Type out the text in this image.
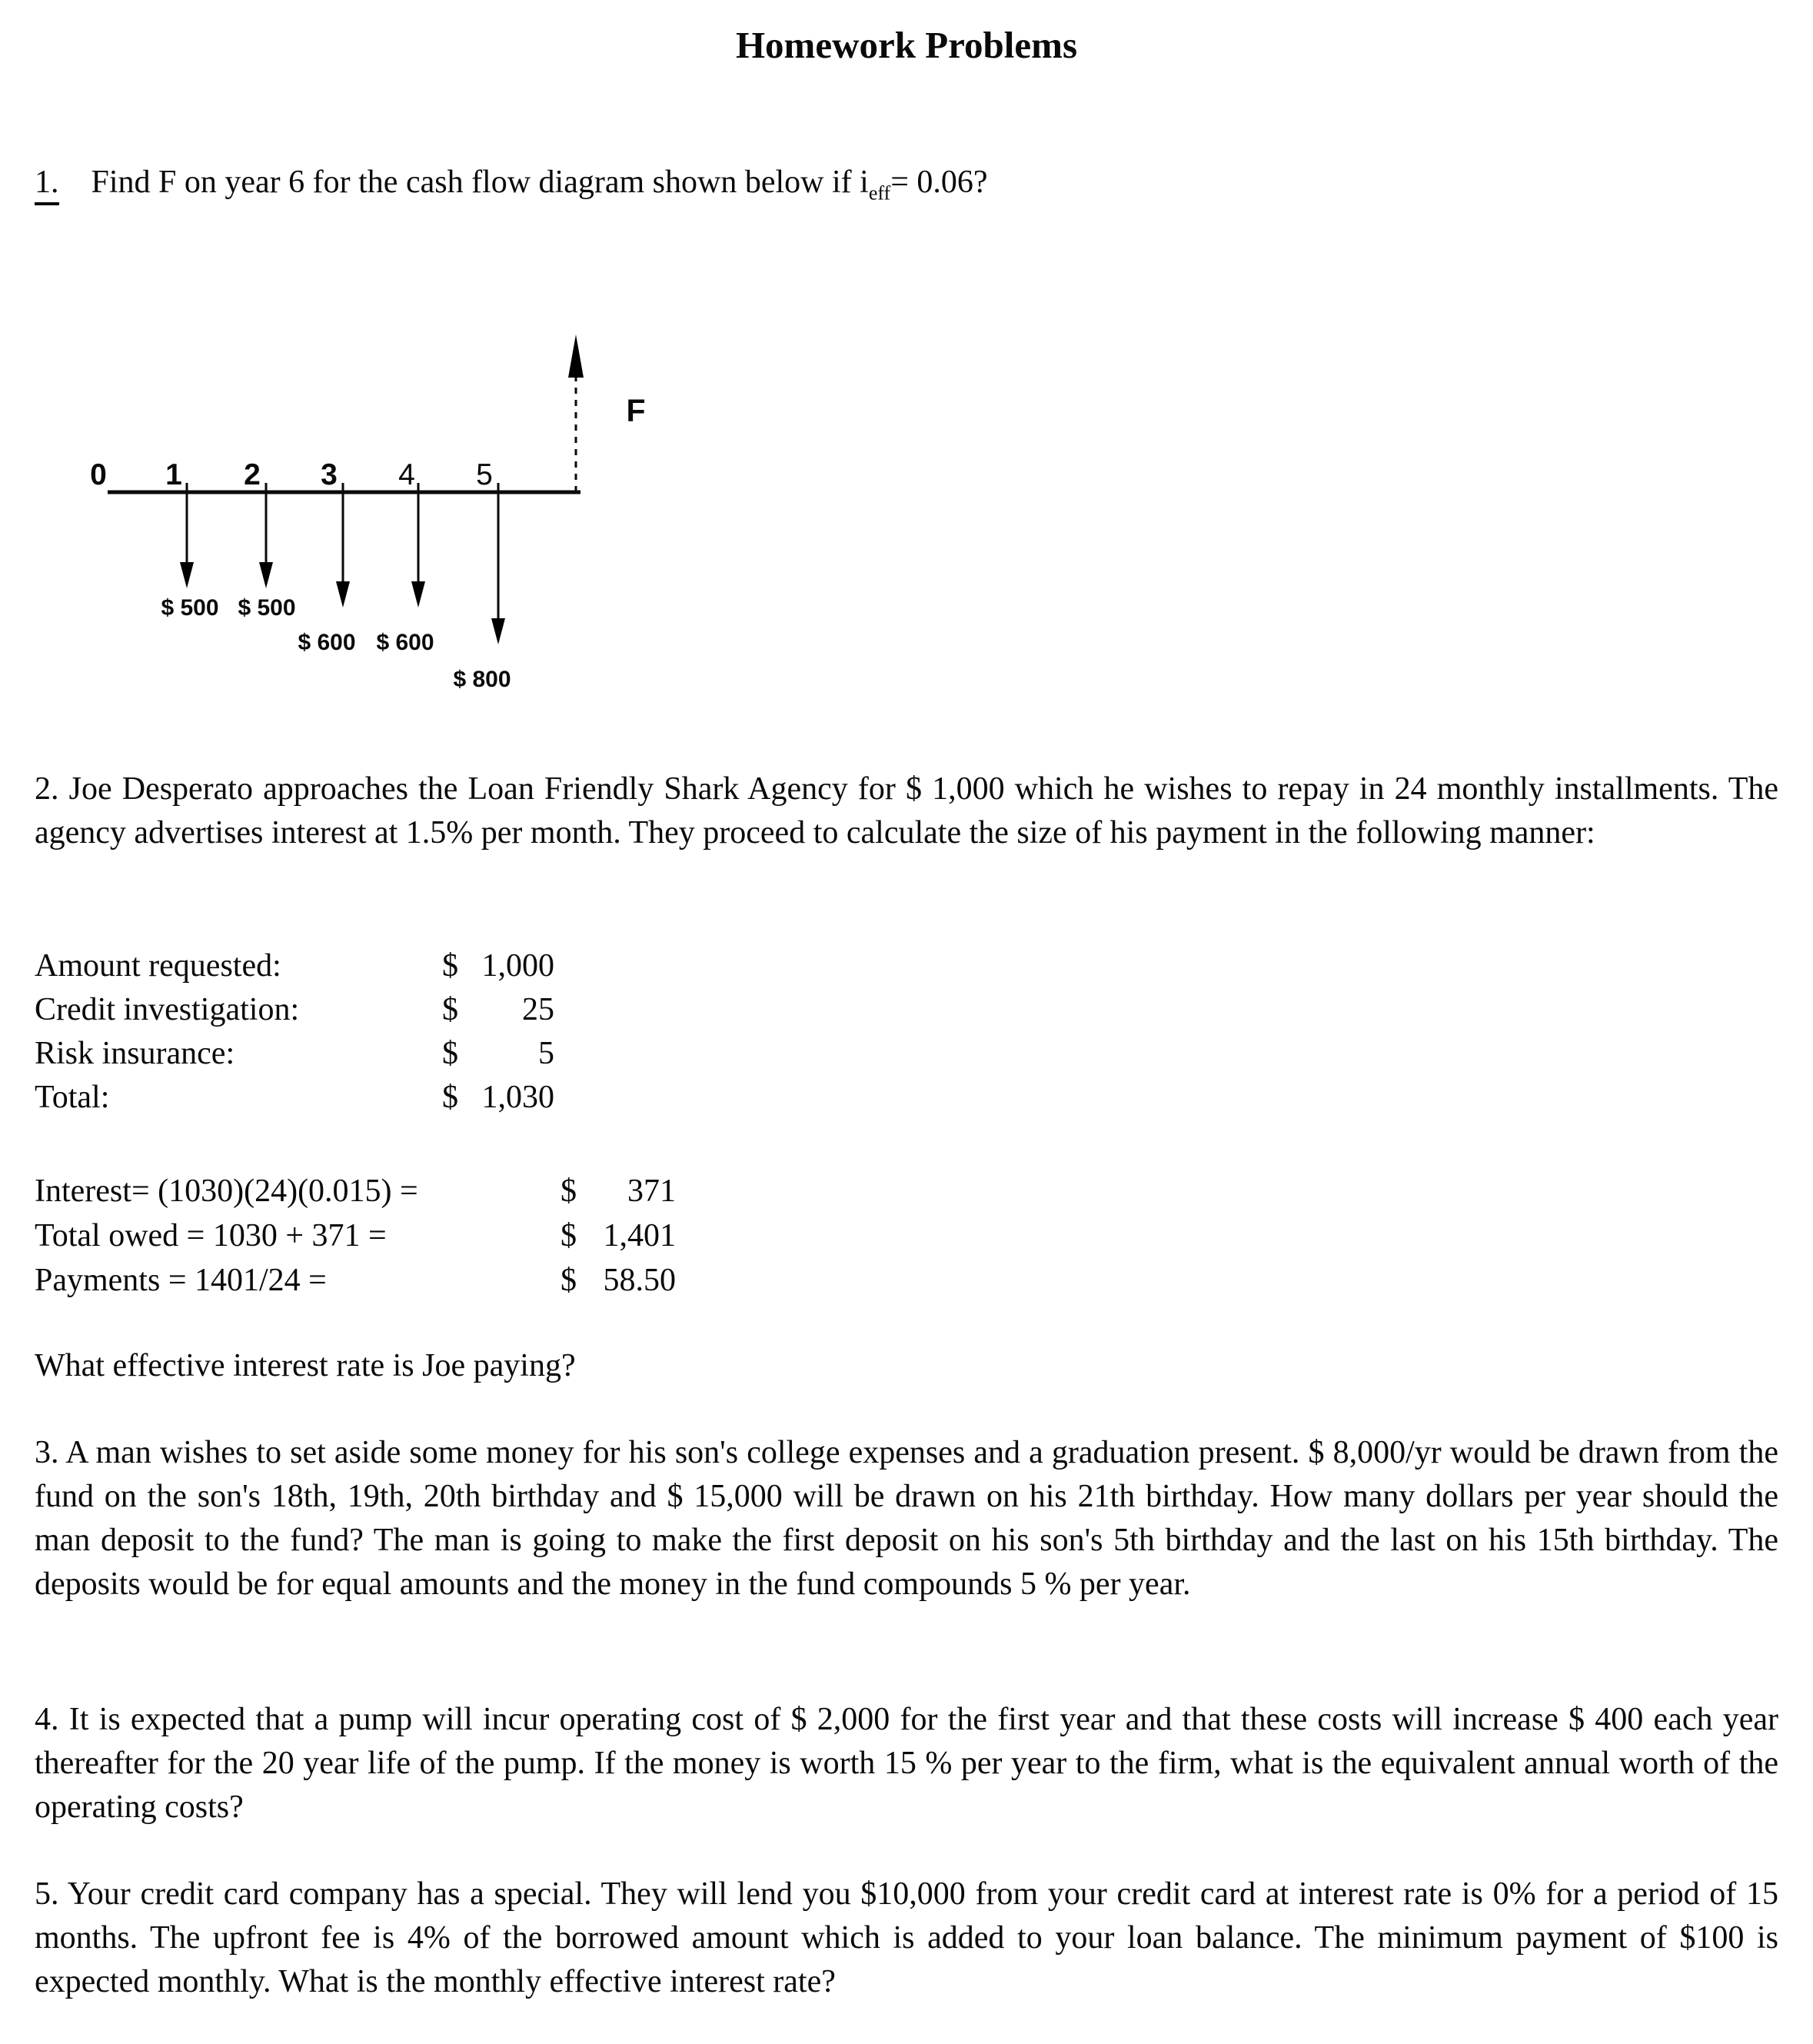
Homework Problems
1. Find F on year 6 for the cash flow diagram shown below if $i_{eff}= 0.06$?
0 1 2 3 4 5
$ 500 $ 500
$ 600 $ 600
$ 800
F
2. Joe Desperato approaches the Loan Friendly Shark Agency for $ 1,000 which he wishes to repay in 24 monthly installments. The agency advertises interest at 1.5% per month. They proceed to calculate the size of his payment in the following manner:
Amount requested:	$ 1,000
Credit investigation:	$	25
Risk insurance:	$	5
Total:	$ 1,030
Interest= (1030)(24)(0.015) =	$	371
Total owed = 1030 + 371 =	$ 1,401
Payments = 1401/24 =	$ 58.50
What effective interest rate is Joe paying?
3. A man wishes to set aside some money for his son's college expenses and a graduation present. $ 8,000/yr would be drawn from the fund on the son's 18th, 19th, 20th birthday and $ 15,000 will be drawn on his 21th birthday. How many dollars per year should the man deposit to the fund? The man is going to make the first deposit on his son's 5th birthday and the last on his 15th birthday. The deposits would be for equal amounts and the money in the fund compounds 5 % per year.
4. It is expected that a pump will incur operating cost of $ 2,000 for the first year and that these costs will increase $ 400 each year thereafter for the 20 year life of the pump. If the money is worth 15 % per year to the firm, what is the equivalent annual worth of the operating costs?
5. Your credit card company has a special. They will lend you $10,000 from your credit card at interest rate is 0% for a period of 15 months. The upfront fee is 4% of the borrowed amount which is added to your loan balance. The minimum payment of $100 is expected monthly. What is the monthly effective interest rate?
